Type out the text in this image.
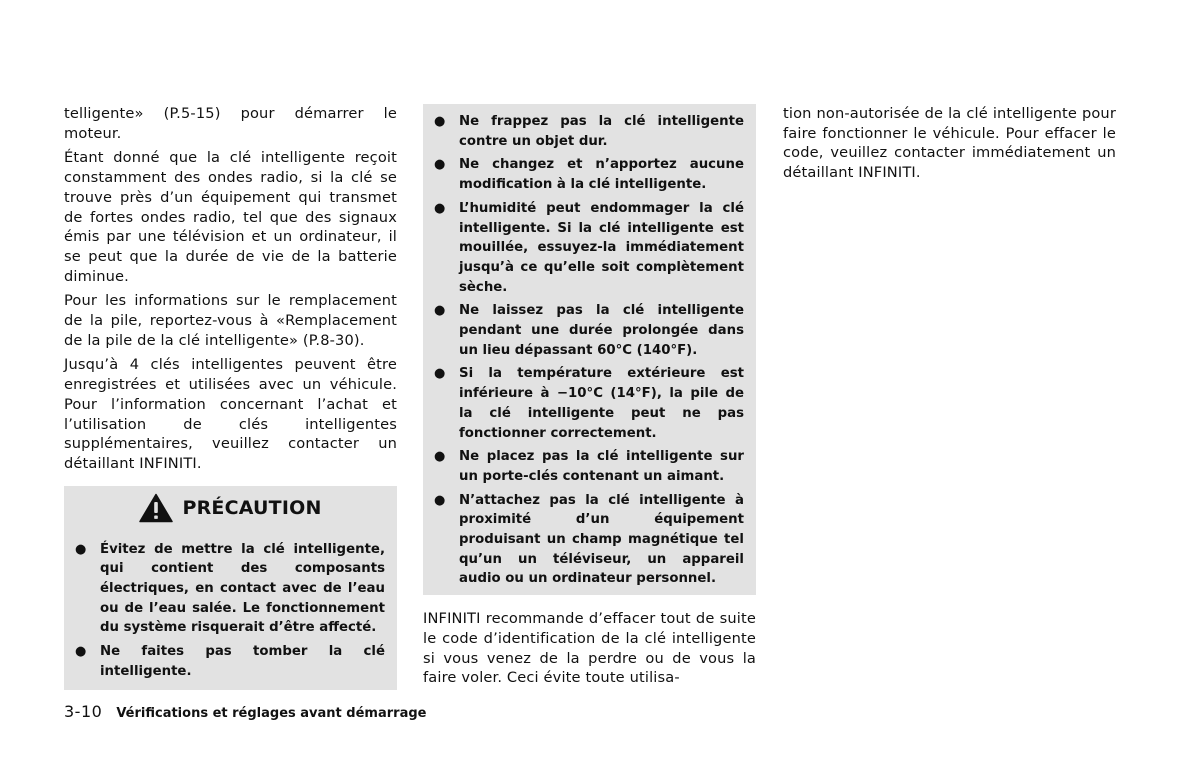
telligente» (P.5-15) pour démarrer le moteur.

Étant donné que la clé intelligente reçoit constamment des ondes radio, si la clé se trouve près d’un équipement qui transmet de fortes ondes radio, tel que des signaux émis par une télévision et un ordinateur, il se peut que la durée de vie de la batterie diminue.

Pour les informations sur le remplacement de la pile, reportez-vous à «Remplacement de la pile de la clé intelligente» (P.8-30).

Jusqu’à 4 clés intelligentes peuvent être enregistrées et utilisées avec un véhicule. Pour l’information concernant l’achat et l’utilisation de clés intelligentes supplémentaires, veuillez contacter un détaillant INFINITI.

PRÉCAUTION
● Évitez de mettre la clé intelligente, qui contient des composants électriques, en contact avec de l’eau ou de l’eau salée. Le fonctionnement du système risquerait d’être affecté.
● Ne faites pas tomber la clé intelligente.
● Ne frappez pas la clé intelligente contre un objet dur.
● Ne changez et n’apportez aucune modification à la clé intelligente.
● L’humidité peut endommager la clé intelligente. Si la clé intelligente est mouillée, essuyez-la immédiatement jusqu’à ce qu’elle soit complètement sèche.
● Ne laissez pas la clé intelligente pendant une durée prolongée dans un lieu dépassant 60°C (140°F).
● Si la température extérieure est inférieure à −10°C (14°F), la pile de la clé intelligente peut ne pas fonctionner correctement.
● Ne placez pas la clé intelligente sur un porte-clés contenant un aimant.
● N’attachez pas la clé intelligente à proximité d’un équipement produisant un champ magnétique tel qu’un un téléviseur, un appareil audio ou un ordinateur personnel.

INFINITI recommande d’effacer tout de suite le code d’identification de la clé intelligente si vous venez de la perdre ou de vous la faire voler. Ceci évite toute utilisa-

tion non-autorisée de la clé intelligente pour faire fonctionner le véhicule. Pour effacer le code, veuillez contacter immédiatement un détaillant INFINITI.

3-10 Vérifications et réglages avant démarrage
